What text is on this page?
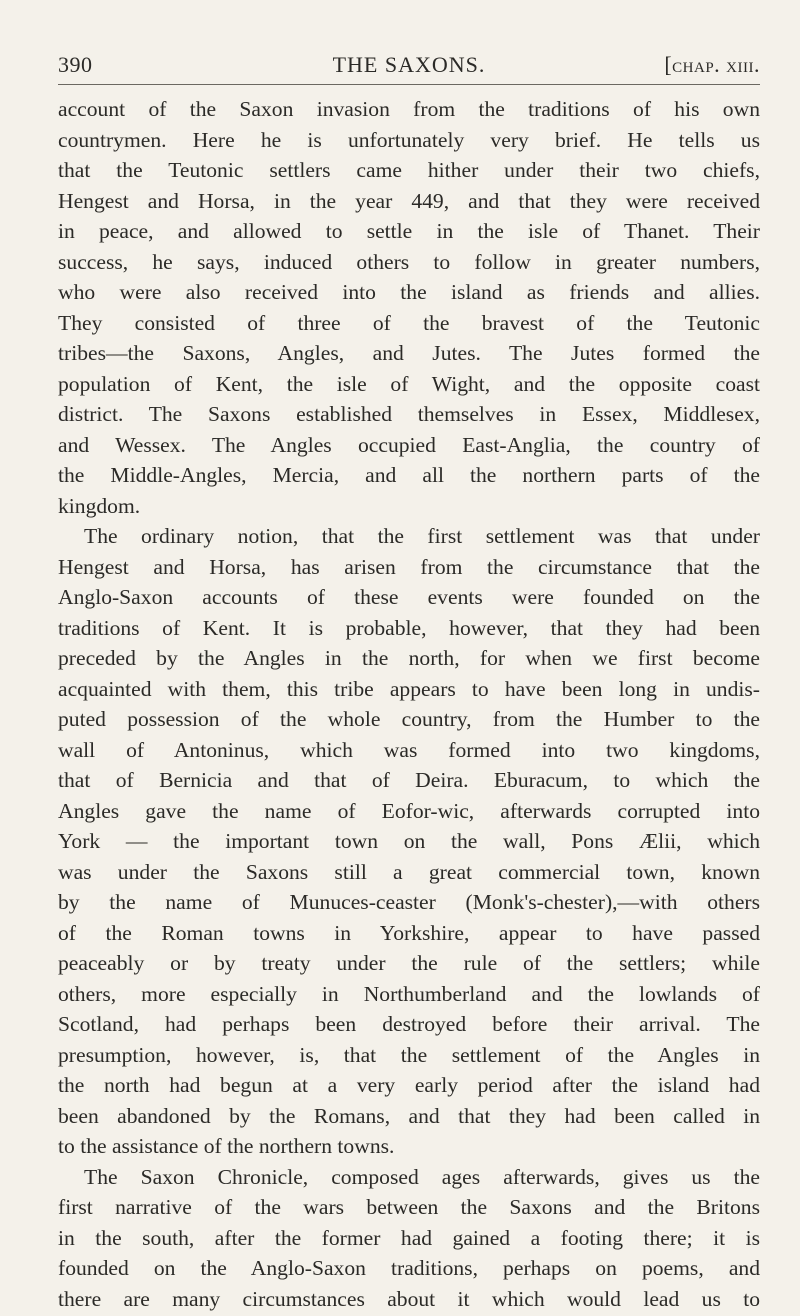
390	THE SAXONS.	[chap. xiii.
account of the Saxon invasion from the traditions of his own
countrymen. Here he is unfortunately very brief. He tells us
that the Teutonic settlers came hither under their two chiefs,
Hengest and Horsa, in the year 449, and that they were received
in peace, and allowed to settle in the isle of Thanet. Their
success, he says, induced others to follow in greater numbers,
who were also received into the island as friends and allies.
They consisted of three of the bravest of the Teutonic
tribes—the Saxons, Angles, and Jutes. The Jutes formed the
population of Kent, the isle of Wight, and the opposite coast
district. The Saxons established themselves in Essex, Middlesex,
and Wessex. The Angles occupied East-Anglia, the country of
the Middle-Angles, Mercia, and all the northern parts of the
kingdom.
The ordinary notion, that the first settlement was that under
Hengest and Horsa, has arisen from the circumstance that the
Anglo-Saxon accounts of these events were founded on the
traditions of Kent. It is probable, however, that they had been
preceded by the Angles in the north, for when we first become
acquainted with them, this tribe appears to have been long in undis-
puted possession of the whole country, from the Humber to the
wall of Antoninus, which was formed into two kingdoms,
that of Bernicia and that of Deira. Eburacum, to which the
Angles gave the name of Eofor-wic, afterwards corrupted into
York — the important town on the wall, Pons Ælii, which
was under the Saxons still a great commercial town, known
by the name of Munuces-ceaster (Monk's-chester),—with others
of the Roman towns in Yorkshire, appear to have passed
peaceably or by treaty under the rule of the settlers; while
others, more especially in Northumberland and the lowlands of
Scotland, had perhaps been destroyed before their arrival. The
presumption, however, is, that the settlement of the Angles in
the north had begun at a very early period after the island had
been abandoned by the Romans, and that they had been called in
to the assistance of the northern towns.
The Saxon Chronicle, composed ages afterwards, gives us the
first narrative of the wars between the Saxons and the Britons
in the south, after the former had gained a footing there; it is
founded on the Anglo-Saxon traditions, perhaps on poems, and
there are many circumstances about it which would lead us to
